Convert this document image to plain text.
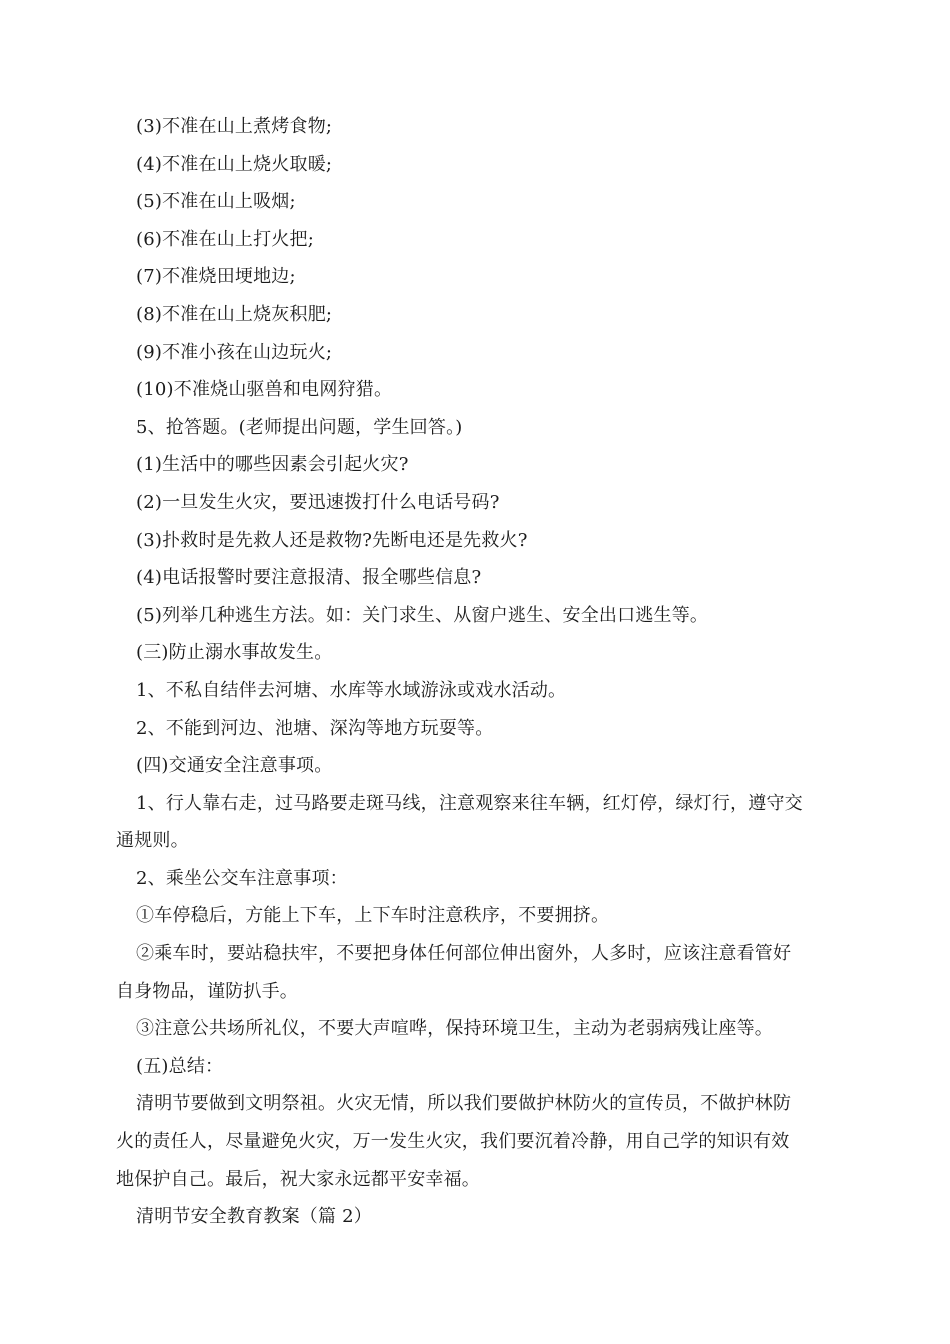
(3)不准在山上煮烤食物;
(4)不准在山上烧火取暖;
(5)不准在山上吸烟;
(6)不准在山上打火把;
(7)不准烧田埂地边;
(8)不准在山上烧灰积肥;
(9)不准小孩在山边玩火;
(10)不准烧山驱兽和电网狩猎。
5、抢答题。(老师提出问题，学生回答。)
(1)生活中的哪些因素会引起火灾?
(2)一旦发生火灾，要迅速拨打什么电话号码?
(3)扑救时是先救人还是救物?先断电还是先救火?
(4)电话报警时要注意报清、报全哪些信息?
(5)列举几种逃生方法。如：关门求生、从窗户逃生、安全出口逃生等。
(三)防止溺水事故发生。
1、不私自结伴去河塘、水库等水域游泳或戏水活动。
2、不能到河边、池塘、深沟等地方玩耍等。
(四)交通安全注意事项。
1、行人靠右走，过马路要走斑马线，注意观察来往车辆，红灯停，绿灯行，遵守交
通规则。
2、乘坐公交车注意事项：
①车停稳后，方能上下车，上下车时注意秩序，不要拥挤。
②乘车时，要站稳扶牢，不要把身体任何部位伸出窗外，人多时，应该注意看管好
自身物品，谨防扒手。
③注意公共场所礼仪，不要大声喧哗，保持环境卫生，主动为老弱病残让座等。
(五)总结：
清明节要做到文明祭祖。火灾无情，所以我们要做护林防火的宣传员，不做护林防
火的责任人，尽量避免火灾，万一发生火灾，我们要沉着冷静，用自己学的知识有效
地保护自己。最后，祝大家永远都平安幸福。
清明节安全教育教案（篇 2）
